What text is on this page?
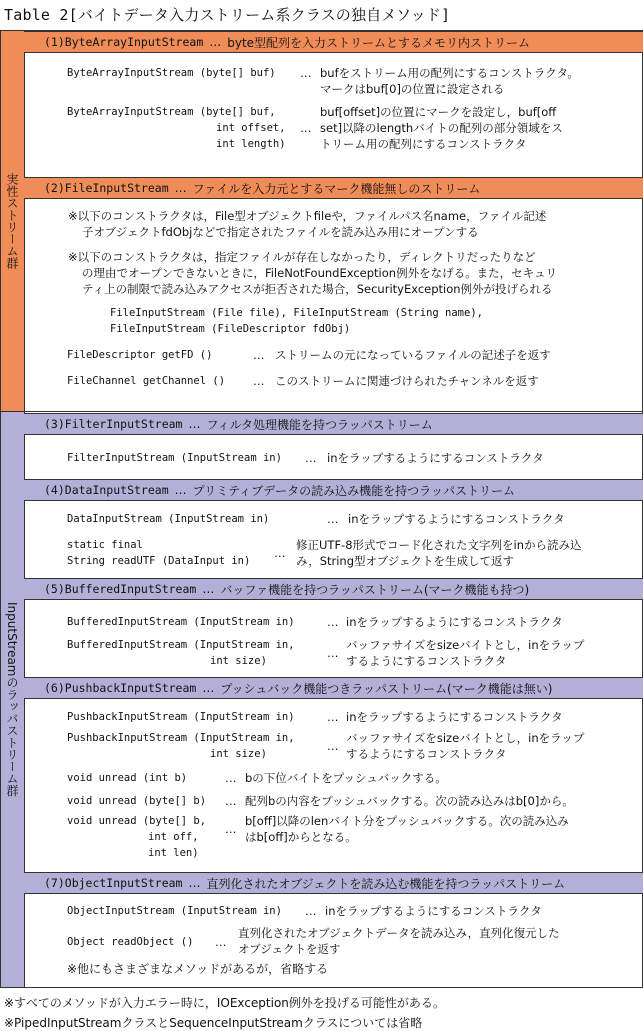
Table 2[バイトデータ入力ストリーム系クラスの独自メソッド]
実性ストリーム群
InputStreamのラッパストリーム群
(1)ByteArrayInputStream … byte型配列を入力ストリームとするメモリ内ストリーム
ByteArrayInputStream (byte[] buf) … bufをストリーム用の配列にするコンストラクタ。
マークはbuf[0]の位置に設定される
ByteArrayInputStream (byte[] buf,
int offset,
int length)
…
buf[offset]の位置にマークを設定し，buf[off
set]以降のlengthバイトの配列の部分領域をス
トリーム用の配列にするコンストラクタ
(2)FileInputStream … ファイルを入力元とするマーク機能無しのストリーム
※以下のコンストラクタは，File型オブジェクトfileや，ファイルパス名name，ファイル記述
子オブジェクトfdObjなどで指定されたファイルを読み込み用にオープンする
※以下のコンストラクタは，指定ファイルが存在しなかったり，ディレクトリだったりなど
の理由でオープンできないときに，FileNotFoundException例外をなげる。また，セキュリ
ティ上の制限で読み込みアクセスが拒否された場合，SecurityException例外が投げられる
FileInputStream (File file), FileInputStream (String name),
FileInputStream (FileDescriptor fdObj)
FileDescriptor getFD ()	… ストリームの元になっているファイルの記述子を返す
FileChannel getChannel () … このストリームに関連づけられたチャンネルを返す
(3)FilterInputStream … フィルタ処理機能を持つラッパストリーム
FilterInputStream (InputStream in) … inをラップするようにするコンストラクタ
(4)DataInputStream … プリミティブデータの読み込み機能を持つラッパストリーム
DataInputStream (InputStream in)	… inをラップするようにするコンストラクタ
static final
String readUTF (DataInput in)
…
修正UTF-8形式でコード化された文字列をinから読み込
み，String型オブジェクトを生成して返す
(5)BufferedInputStream … バッファ機能を持つラッパストリーム(マーク機能も持つ)
BufferedInputStream (InputStream in)	… inをラップするようにするコンストラクタ
BufferedInputStream (InputStream in,
int size)
…
バッファサイズをsizeバイトとし，inをラップ
するようにするコンストラクタ
(6)PushbackInputStream … プッシュバック機能つきラッパストリーム(マーク機能は無い)
PushbackInputStream (InputStream in)	… inをラップするようにするコンストラクタ
PushbackInputStream (InputStream in,
int size)
…
バッファサイズをsizeバイトとし，inをラップ
するようにするコンストラクタ
void unread (int b)	… bの下位バイトをプッシュバックする。
void unread (byte[] b) … 配列bの内容をプッシュバックする。次の読み込みはb[0]から。
void unread (byte[] b,
int off,
int len)
…
b[off]以降のlenバイト分をプッシュバックする。次の読み込み
はb[off]からとなる。
(7)ObjectInputStream … 直列化されたオブジェクトを読み込む機能を持つラッパストリーム
ObjectInputStream (InputStream in) … inをラップするようにするコンストラクタ
Object readObject () …
直列化されたオブジェクトデータを読み込み，直列化復元した
オブジェクトを返す
※他にもさまざまなメソッドがあるが，省略する
※すべてのメソッドが入力エラー時に，IOException例外を投げる可能性がある。
※PipedInputStreamクラスとSequenceInputStreamクラスについては省略
